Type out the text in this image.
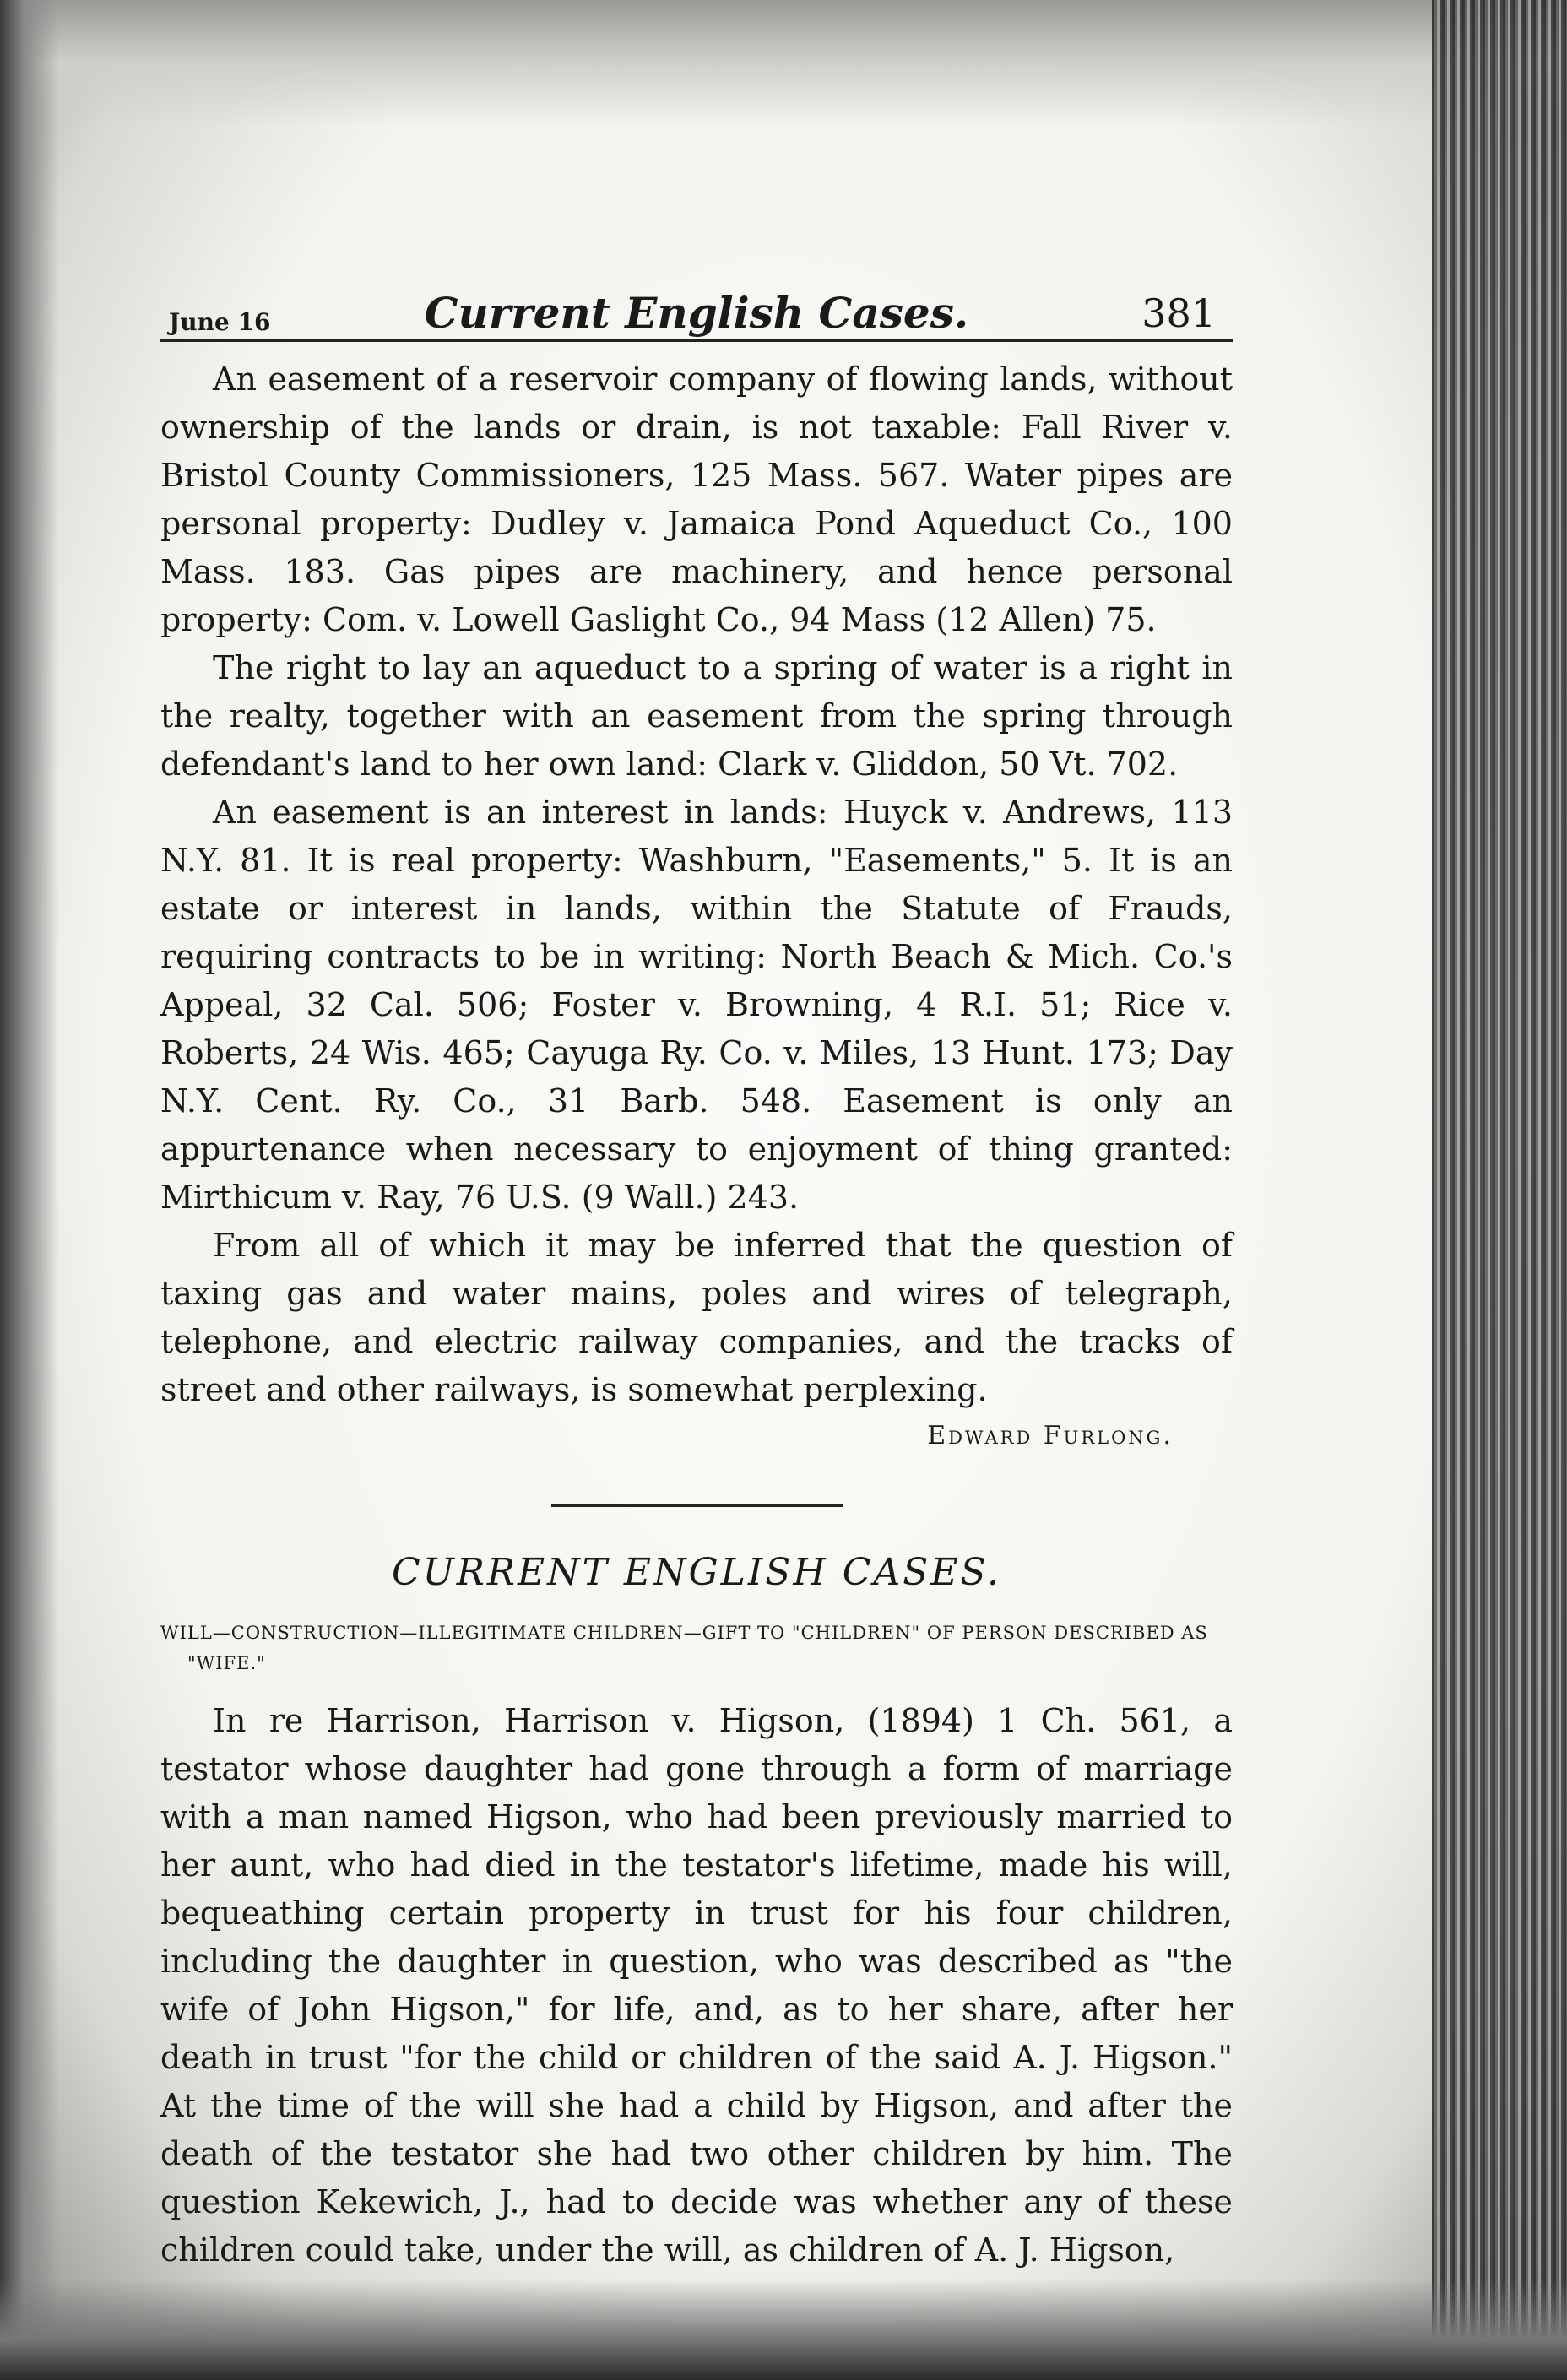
June 16	Current English Cases.	381

An easement of a reservoir company of flowing lands, without ownership of the lands or drain, is not taxable: Fall River v. Bristol County Commissioners, 125 Mass. 567. Water pipes are personal property: Dudley v. Jamaica Pond Aqueduct Co., 100 Mass. 183. Gas pipes are machinery, and hence personal property: Com. v. Lowell Gaslight Co., 94 Mass (12 Allen) 75.

The right to lay an aqueduct to a spring of water is a right in the realty, together with an easement from the spring through defendant's land to her own land: Clark v. Gliddon, 50 Vt. 702.

An easement is an interest in lands: Huyck v. Andrews, 113 N.Y. 81. It is real property: Washburn, "Easements," 5. It is an estate or interest in lands, within the Statute of Frauds, requiring contracts to be in writing: North Beach & Mich. Co.'s Appeal, 32 Cal. 506; Foster v. Browning, 4 R.I. 51; Rice v. Roberts, 24 Wis. 465; Cayuga Ry. Co. v. Miles, 13 Hunt. 173; Day N.Y. Cent. Ry. Co., 31 Barb. 548. Easement is only an appurtenance when necessary to enjoyment of thing granted: Mirthicum v. Ray, 76 U.S. (9 Wall.) 243.

From all of which it may be inferred that the question of taxing gas and water mains, poles and wires of telegraph, telephone, and electric railway companies, and the tracks of street and other railways, is somewhat perplexing.

Edward Furlong.
CURRENT ENGLISH CASES.

WILL—CONSTRUCTION—ILLEGITIMATE CHILDREN—GIFT TO "CHILDREN" OF PERSON DESCRIBED AS "WIFE."

In re Harrison, Harrison v. Higson, (1894) 1 Ch. 561, a testator whose daughter had gone through a form of marriage with a man named Higson, who had been previously married to her aunt, who had died in the testator's lifetime, made his will, bequeathing certain property in trust for his four children, including the daughter in question, who was described as "the wife of John Higson," for life, and, as to her share, after her death in trust "for the child or children of the said A. J. Higson." At the time of the will she had a child by Higson, and after the death of the testator she had two other children by him. The question Kekewich, J., had to decide was whether any of these children could take, under the will, as children of A. J. Higson,
